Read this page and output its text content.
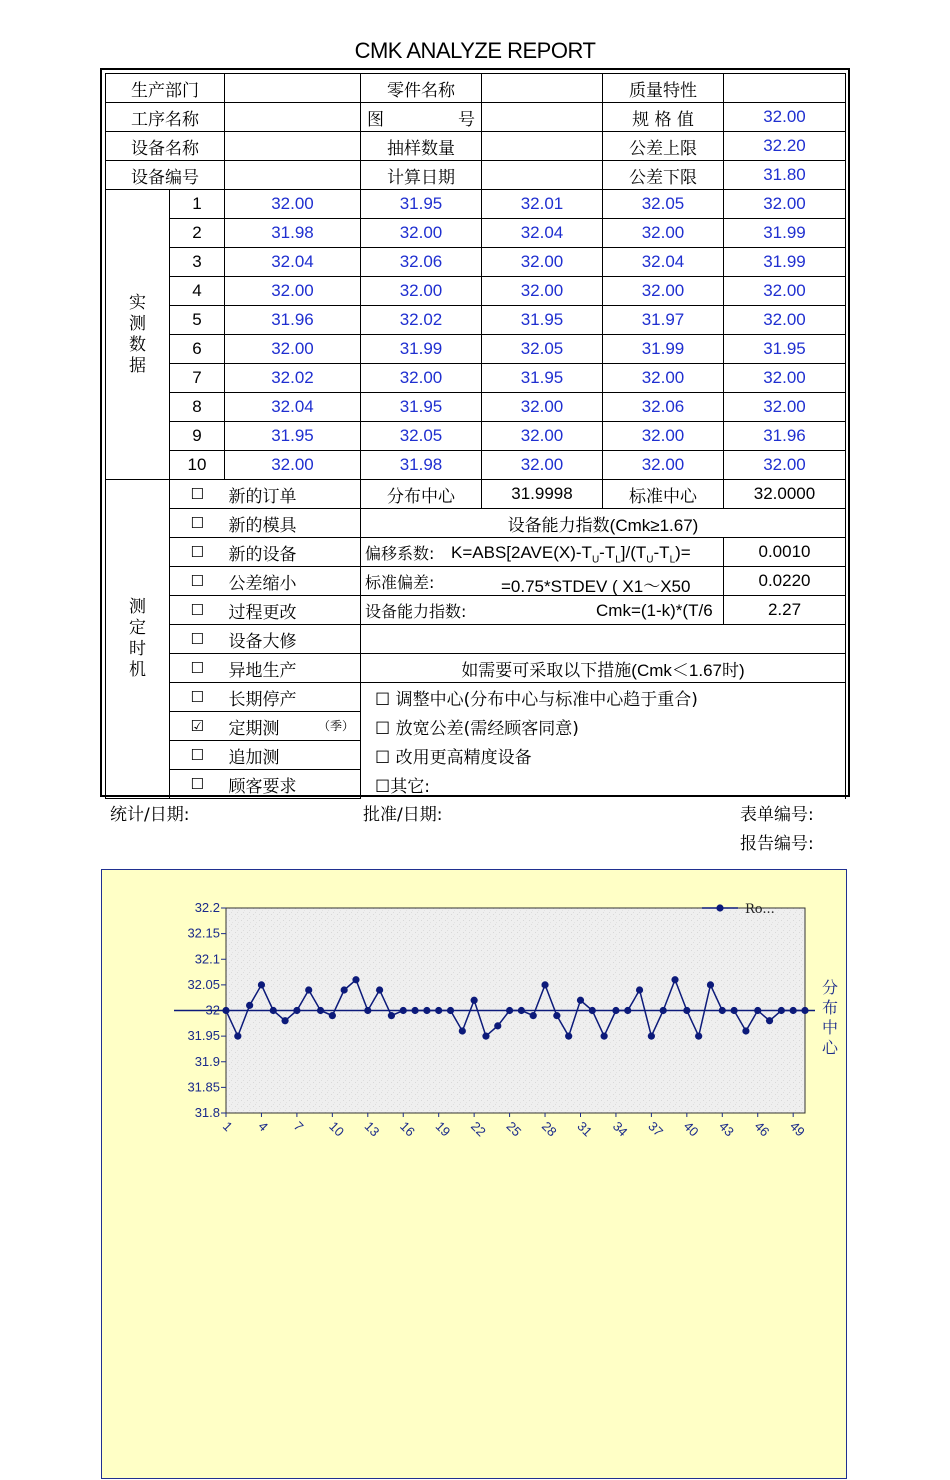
CMK ANALYZE REPORT
生产部门			零件名称		质量特性	
工序名称			图 号		规 格 值	32.00
设备名称			抽样数量		公差上限	32.20
设备编号			计算日期		公差下限	31.80

实测数据	1	32.00	31.95	32.01	32.05	32.00
	2	31.98	32.00	32.04	32.00	31.99
	3	32.04	32.06	32.00	32.04	31.99
	4	32.00	32.00	32.00	32.00	32.00
	5	31.96	32.02	31.95	31.97	32.00
	6	32.00	31.99	32.05	31.99	31.95
	7	32.02	32.00	31.95	32.00	32.00
	8	32.04	31.95	32.00	32.06	32.00
	9	31.95	32.05	32.00	32.00	31.96
	10	32.00	31.98	32.00	32.00	32.00

测定时机	☐	新的订单	分布中心	31.9998	标准中心	32.0000
	☐	新的模具	设备能力指数(Cmk≥1.67)			
	☐	新的设备	偏移系数: $K=ABS[2AVE(X)-T_U-T_L]/(T_U-T_L)=$			0.0010
	☐	公差缩小	标准偏差: =0.75*STDEV ( X1～X50			0.0220
	☐	过程更改	设备能力指数: Cmk=(1-k)*(T/6			2.27
	☐	设备大修			

	☐	异地生产	如需要可采取以下措施(Cmk＜1.67时)			
	☐	长期停产	☐ 调整中心(分布中心与标准中心趋于重合)			
	☑	定期测 （季）	☐ 放宽公差(需经顾客同意)			
	☐	追加测	☐ 改用更高精度设备			
	☐	顾客要求	☐其它:			
统计/日期:	批准/日期:	表单编号:
报告编号:
32.2
32.15
32.1
32.05
32
31.95
31.9
31.85
31.8
1 4 7 10 13 16 19 22 25 28 31 34 37 40 43 46 49
分
布
中
心
Ro...
